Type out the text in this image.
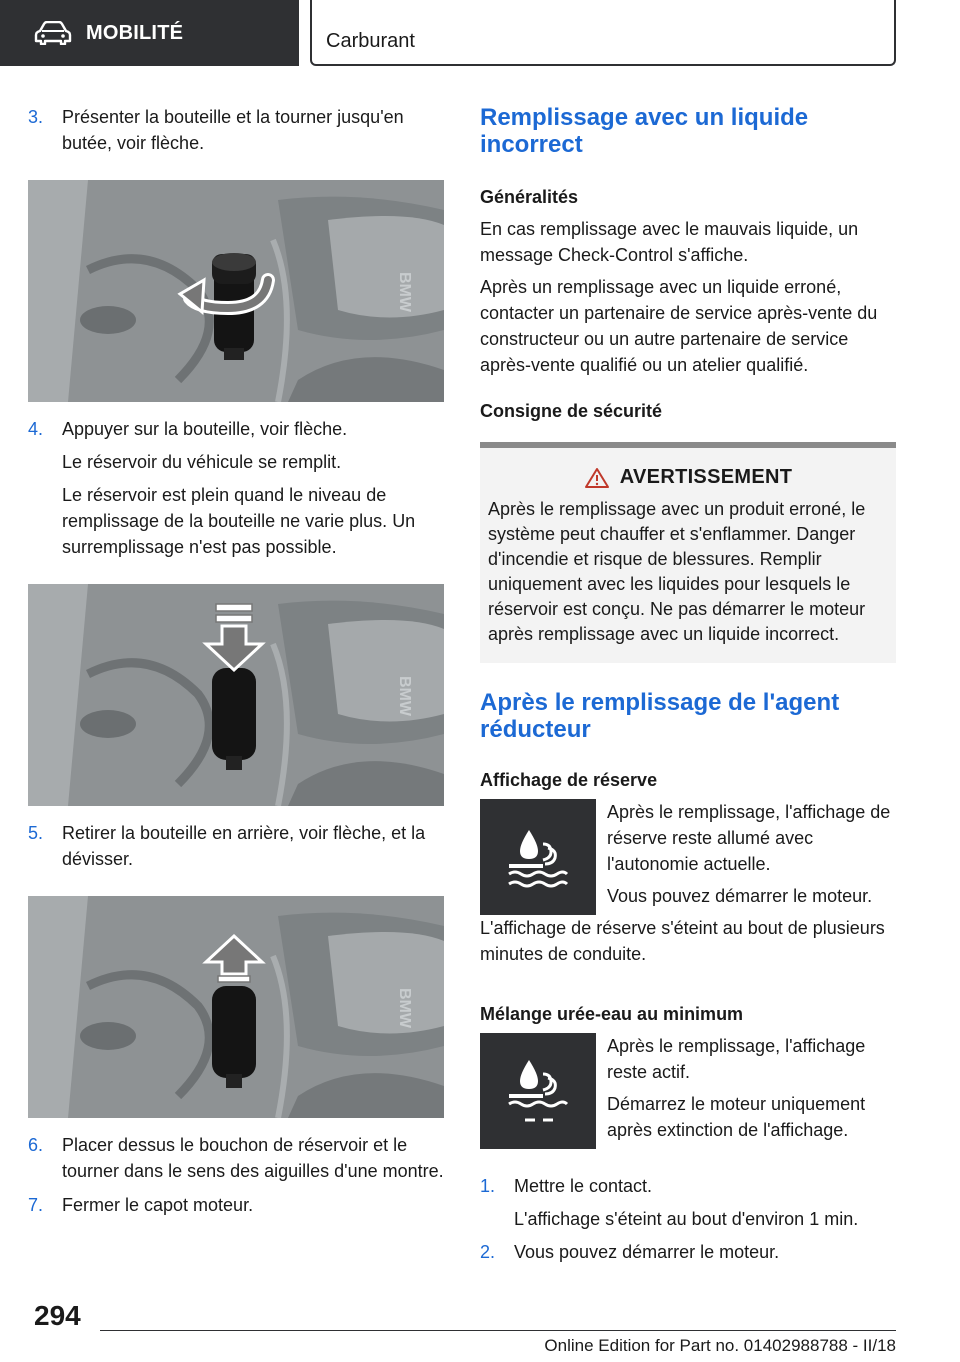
MOBILITÉ	Carburant
3.	Présenter la bouteille et la tourner jusqu'en butée, voir flèche.
BMW
4.	Appuyer sur la bouteille, voir flèche.
Le réservoir du véhicule se remplit.
Le réservoir est plein quand le niveau de remplissage de la bouteille ne varie plus. Un surremplissage n'est pas possible.
BMW
5.	Retirer la bouteille en arrière, voir flèche, et la dévisser.
BMW
6.	Placer dessus le bouchon de réservoir et le tourner dans le sens des aiguilles d'une montre.
7.	Fermer le capot moteur.
Remplissage avec un liquide incorrect
Généralités

En cas remplissage avec le mauvais liquide, un message Check-Control s'affiche.

Après un remplissage avec un liquide erroné, contacter un partenaire de service après-vente du constructeur ou un autre partenaire de service après-vente qualifié ou un atelier qualifié.

Consigne de sécurité
AVERTISSEMENT

Après le remplissage avec un produit erroné, le système peut chauffer et s'enflammer. Danger d'incendie et risque de blessures. Remplir uniquement avec les liquides pour lesquels le réservoir est conçu. Ne pas démarrer le moteur après remplissage avec un liquide incorrect.

Après le remplissage de l'agent réducteur
Affichage de réserve

Après le remplissage, l'affichage de réserve reste allumé avec l'autonomie actuelle.

Vous pouvez démarrer le moteur.

L'affichage de réserve s'éteint au bout de plusieurs minutes de conduite.

Mélange urée-eau au minimum

Après le remplissage, l'affichage reste actif.

Démarrez le moteur uniquement après extinction de l'affichage.

1.	Mettre le contact.
L'affichage s'éteint au bout d'environ 1 min.
2.	Vous pouvez démarrer le moteur.
294
Online Edition for Part no. 01402988788 - II/18
